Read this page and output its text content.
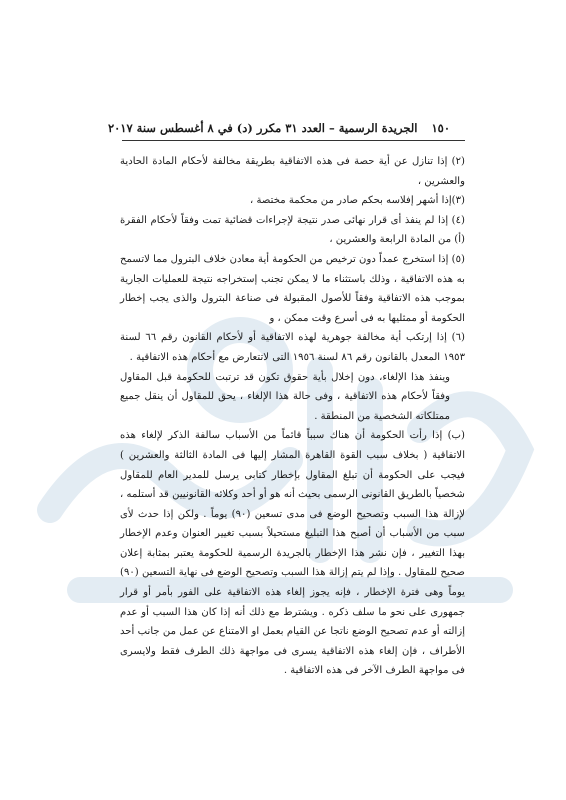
١٥٠
الجريدة الرسمية – العدد ٣١ مكرر (د) في ٨ أغسطس سنة ٢٠١٧

(٢) إذا تنازل عن أية حصة فى هذه الاتفاقية بطريقة مخالفة لأحكام المادة الحادية والعشرين ،

(٣)إذا أشهر إفلاسه بحكم صادر من محكمة مختصة ،

(٤) إذا لم ينفذ أى قرار نهائى صدر نتيجة لإجراءات قضائية تمت وفقاً لأحكام الفقرة (أ) من المادة الرابعة والعشرين ،

(٥) إذا استخرج عمداً دون ترخيص من الحكومة أية معادن خلاف البترول مما لاتسمح به هذه الاتفاقية ، وذلك باستثناء ما لا يمكن تجنب إستخراجه نتيجة للعمليات الجارية بموجب هذه الاتفاقية وفقاً للأصول المقبولة فى صناعة البترول والذى يجب إخطار الحكومة أو ممثليها به فى أسرع وقت ممكن ، و

(٦) إذا إرتكب أية مخالفة جوهرية لهذه الاتفاقية أو لأحكام القانون رقم ٦٦ لسنة ١٩٥٣ المعدل بالقانون رقم ٨٦ لسنة ١٩٥٦ التى لاتتعارض مع أحكام هذه الاتفاقية .

وينفذ هذا الإلغاء، دون إخلال بأية حقوق تكون قد ترتبت للحكومة قبل المقاول وفقاً لأحكام هذه الاتفاقية ، وفى حالة هذا الإلغاء ، يحق للمقاول أن ينقل جميع ممتلكاته الشخصية من المنطقة .

(ب) إذا رأت الحكومة أن هناك سبباً قائماً من الأسباب سالفة الذكر لإلغاء هذه الاتفاقية ( بخلاف سبب القوة القاهرة المشار إليها فى المادة الثالثة والعشرين ) فيجب على الحكومة أن تبلغ المقاول بإخطار كتابى يرسل للمدير العام للمقاول شخصياً بالطريق القانونى الرسمى بحيث أنه هو أو أحد وكلائه القانونيين قد أستلمه ، لإزالة هذا السبب وتصحيح الوضع فى مدى تسعين (٩٠) يوماً . ولكن إذا حدث لأى سبب من الأسباب أن أصبح هذا التبليغ مستحيلاً بسبب تغيير العنوان وعدم الإخطار بهذا التغيير ، فإن نشر هذا الإخطار بالجريدة الرسمية للحكومة يعتبر بمثابة إعلان صحيح للمقاول . وإذا لم يتم إزالة هذا السبب وتصحيح الوضع فى نهاية التسعين (٩٠) يوماً وهى فترة الإخطار ، فإنه يجوز إلغاء هذه الاتفاقية على الفور بأمر أو قرار جمهورى على نحو ما سلف ذكره . ويشترط مع ذلك أنه إذا كان هذا السبب أو عدم إزالته أو عدم تصحيح الوضع ناتجا عن القيام بعمل او الامتناع عن عمل من جانب أحد الأطراف ، فإن إلغاء هذه الاتفاقية يسرى فى مواجهة ذلك الطرف فقط ولايسرى فى مواجهة الطرف الآخر فى هذه الاتفاقية .
